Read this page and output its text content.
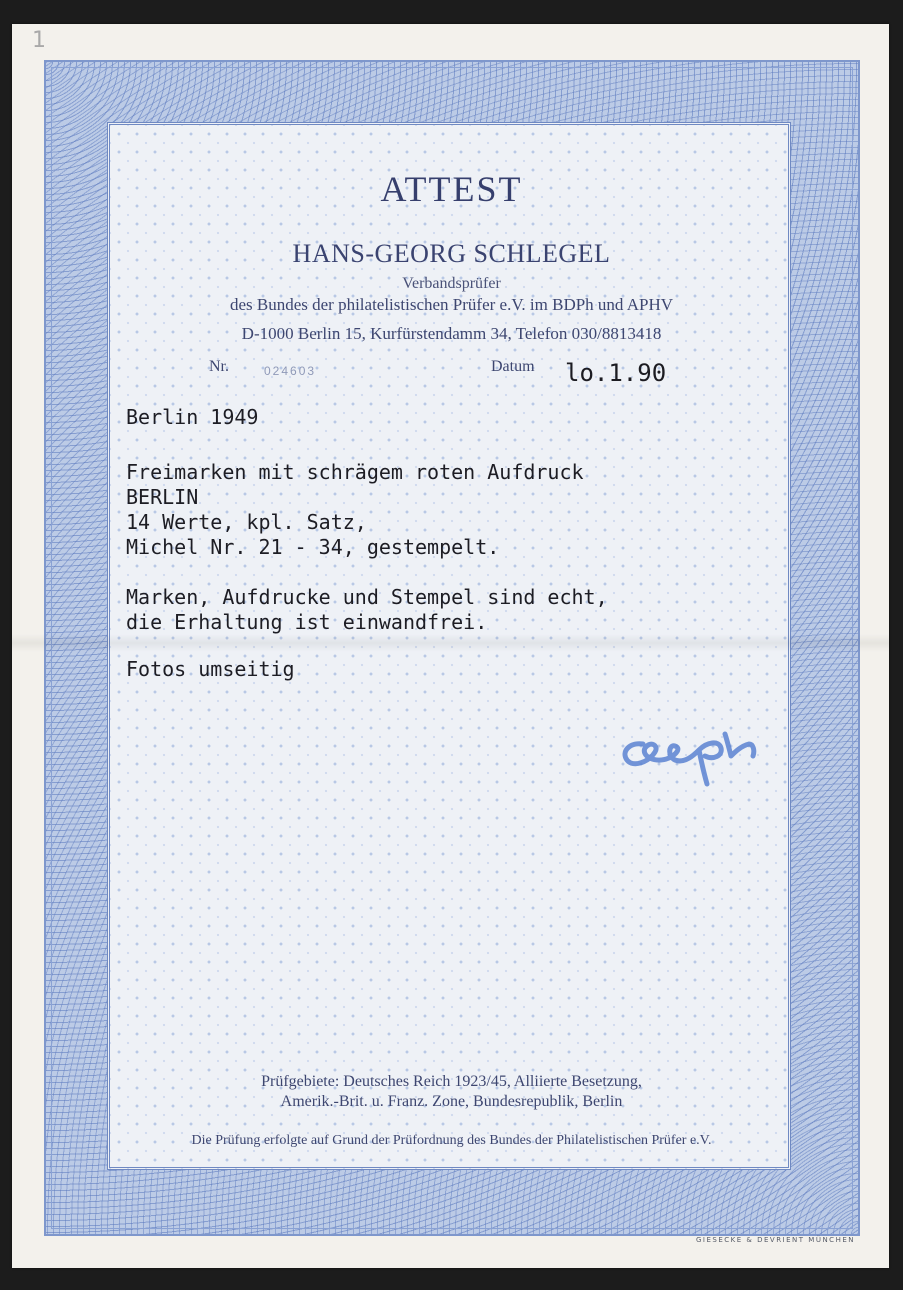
1
ATTEST
HANS-GEORG SCHLEGEL
Verbandsprüfer
des Bundes der philatelistischen Prüfer e.V. im BDPh und APHV
D-1000 Berlin 15, Kurfürstendamm 34, Telefon 030/8813418
Nr.	024603	Datum lo.1.90

Berlin 1949

Freimarken mit schrägem roten Aufdruck
BERLIN
14 Werte, kpl. Satz,
Michel Nr. 21 - 34, gestempelt.

Marken, Aufdrucke und Stempel sind echt,
die Erhaltung ist einwandfrei.

Fotos umseitig

Prüfgebiete: Deutsches Reich 1923/45, Alliierte Besetzung,
Amerik.-Brit. u. Franz. Zone, Bundesrepublik, Berlin
Die Prüfung erfolgte auf Grund der Prüfordnung des Bundes der Philatelistischen Prüfer e.V.
GIESECKE & DEVRIENT MÜNCHEN
